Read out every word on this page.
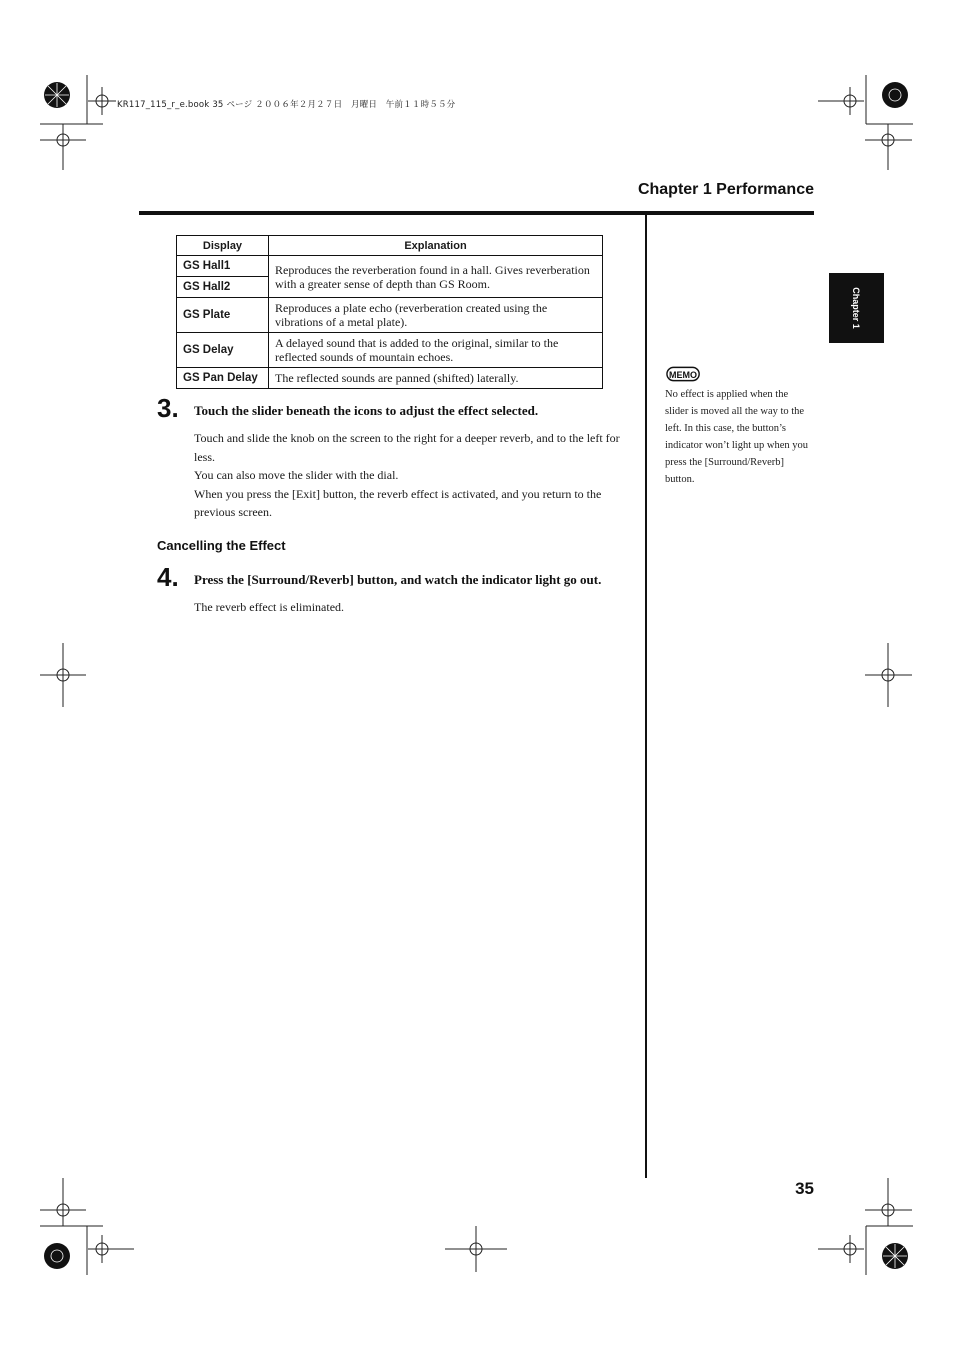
KR117_115_r_e.book 35 ページ ２００６年２月２７日　月曜日　午前１１時５５分
Chapter 1 Performance
Chapter 1
Display	Explanation
GS Hall1	Reproduces the reverberation found in a hall. Gives reverberation with a greater sense of depth than GS Room.
GS Hall2	
GS Plate	Reproduces a plate echo (reverberation created using the vibrations of a metal plate).
GS Delay	A delayed sound that is added to the original, similar to the reflected sounds of mountain echoes.
GS Pan Delay	The reflected sounds are panned (shifted) laterally.
3. Touch the slider beneath the icons to adjust the effect selected.

Touch and slide the knob on the screen to the right for a deeper reverb, and to the left for less.

You can also move the slider with the dial.

When you press the [Exit] button, the reverb effect is activated, and you return to the previous screen.

Cancelling the Effect
4. Press the [Surround/Reverb] button, and watch the indicator light go out.

The reverb effect is eliminated.

MEMO
No effect is applied when the slider is moved all the way to the left. In this case, the button’s indicator won’t light up when you press the [Surround/Reverb] button.
35
